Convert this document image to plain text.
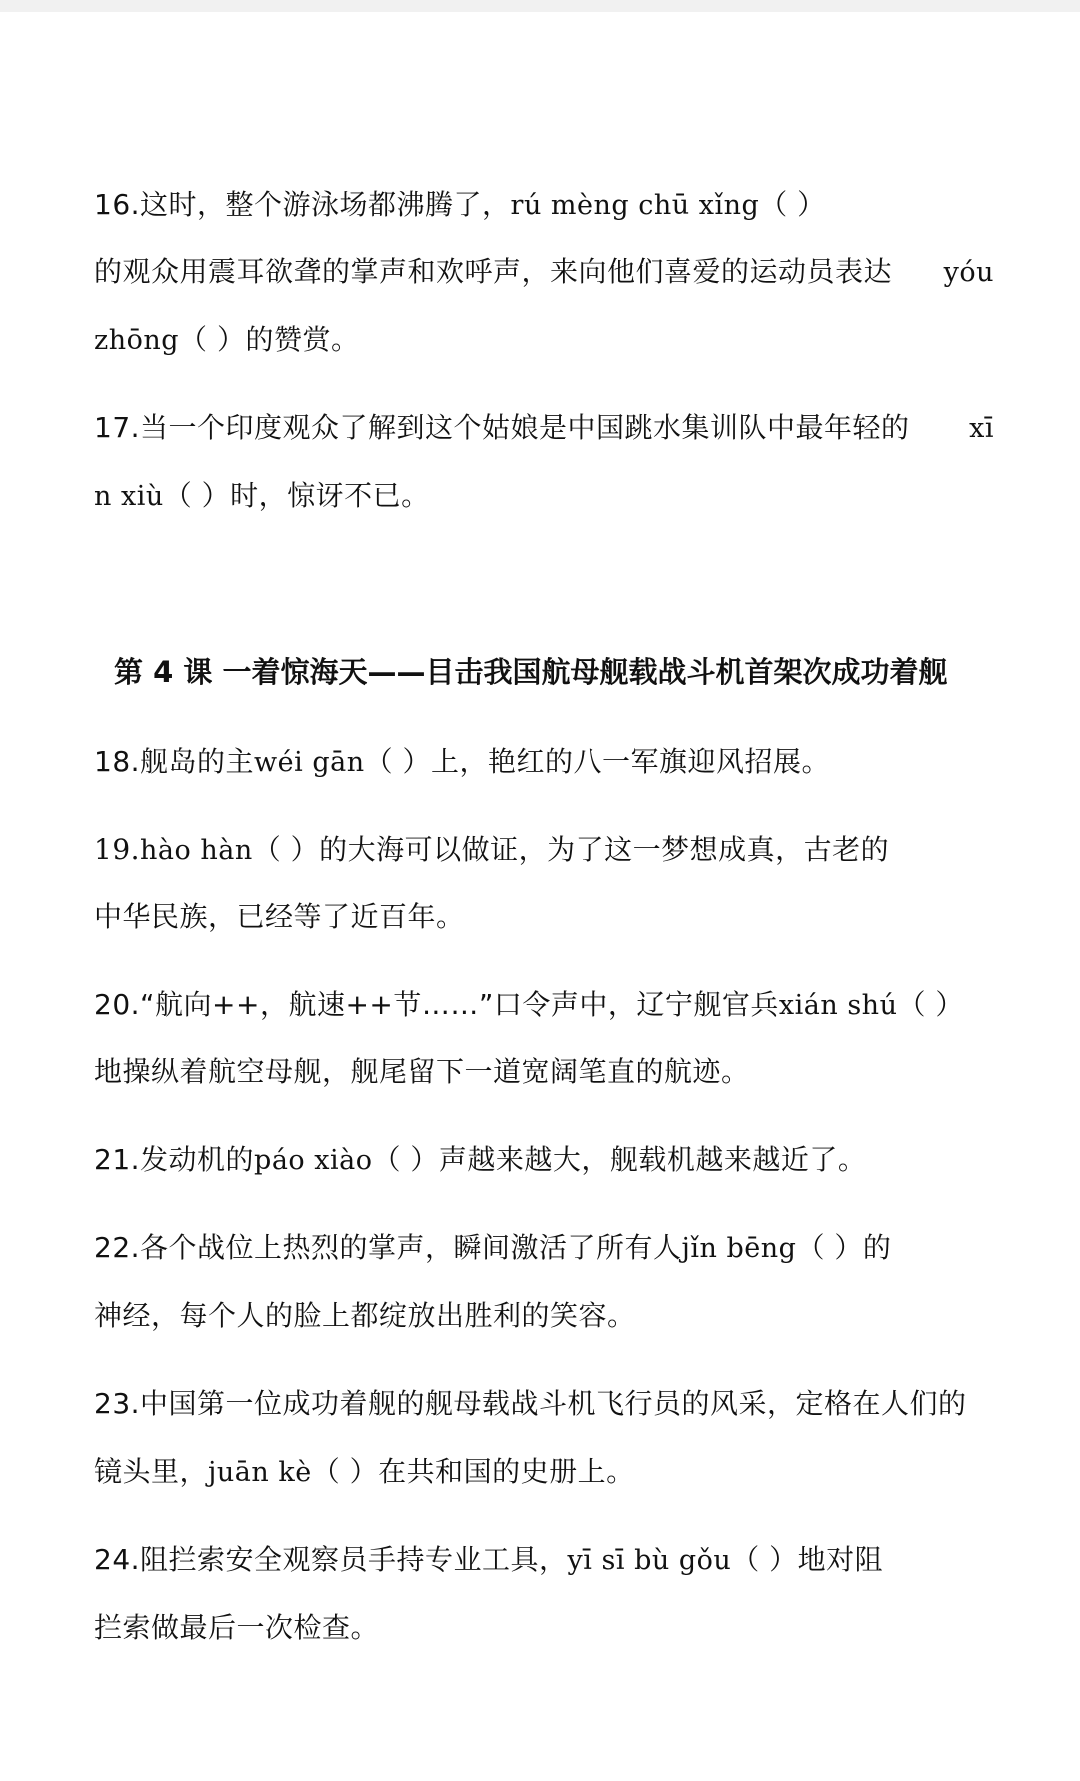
16.这时，整个游泳场都沸腾了，rú mèng chū xǐng（ ）
的观众用震耳欲聋的掌声和欢呼声，来向他们喜爱的运动员表达 yóu
zhōng（ ）的赞赏。
17.当一个印度观众了解到这个姑娘是中国跳水集训队中最年轻的 xī
n xiù（ ）时，惊讶不已。
第 4 课 一着惊海天——目击我国航母舰载战斗机首架次成功着舰
18.舰岛的主wéi gān（ ）上，艳红的八一军旗迎风招展。
19.hào hàn（ ）的大海可以做证，为了这一梦想成真，古老的
中华民族，已经等了近百年。
20.“航向++，航速++节……”口令声中，辽宁舰官兵xián shú（ ）
地操纵着航空母舰，舰尾留下一道宽阔笔直的航迹。
21.发动机的páo xiào（ ）声越来越大，舰载机越来越近了。
22.各个战位上热烈的掌声，瞬间激活了所有人jǐn bēng（ ）的
神经，每个人的脸上都绽放出胜利的笑容。
23.中国第一位成功着舰的舰母载战斗机飞行员的风采，定格在人们的
镜头里，juān kè（ ）在共和国的史册上。
24.阻拦索安全观察员手持专业工具，yī sī bù gǒu（ ）地对阻
拦索做最后一次检查。
